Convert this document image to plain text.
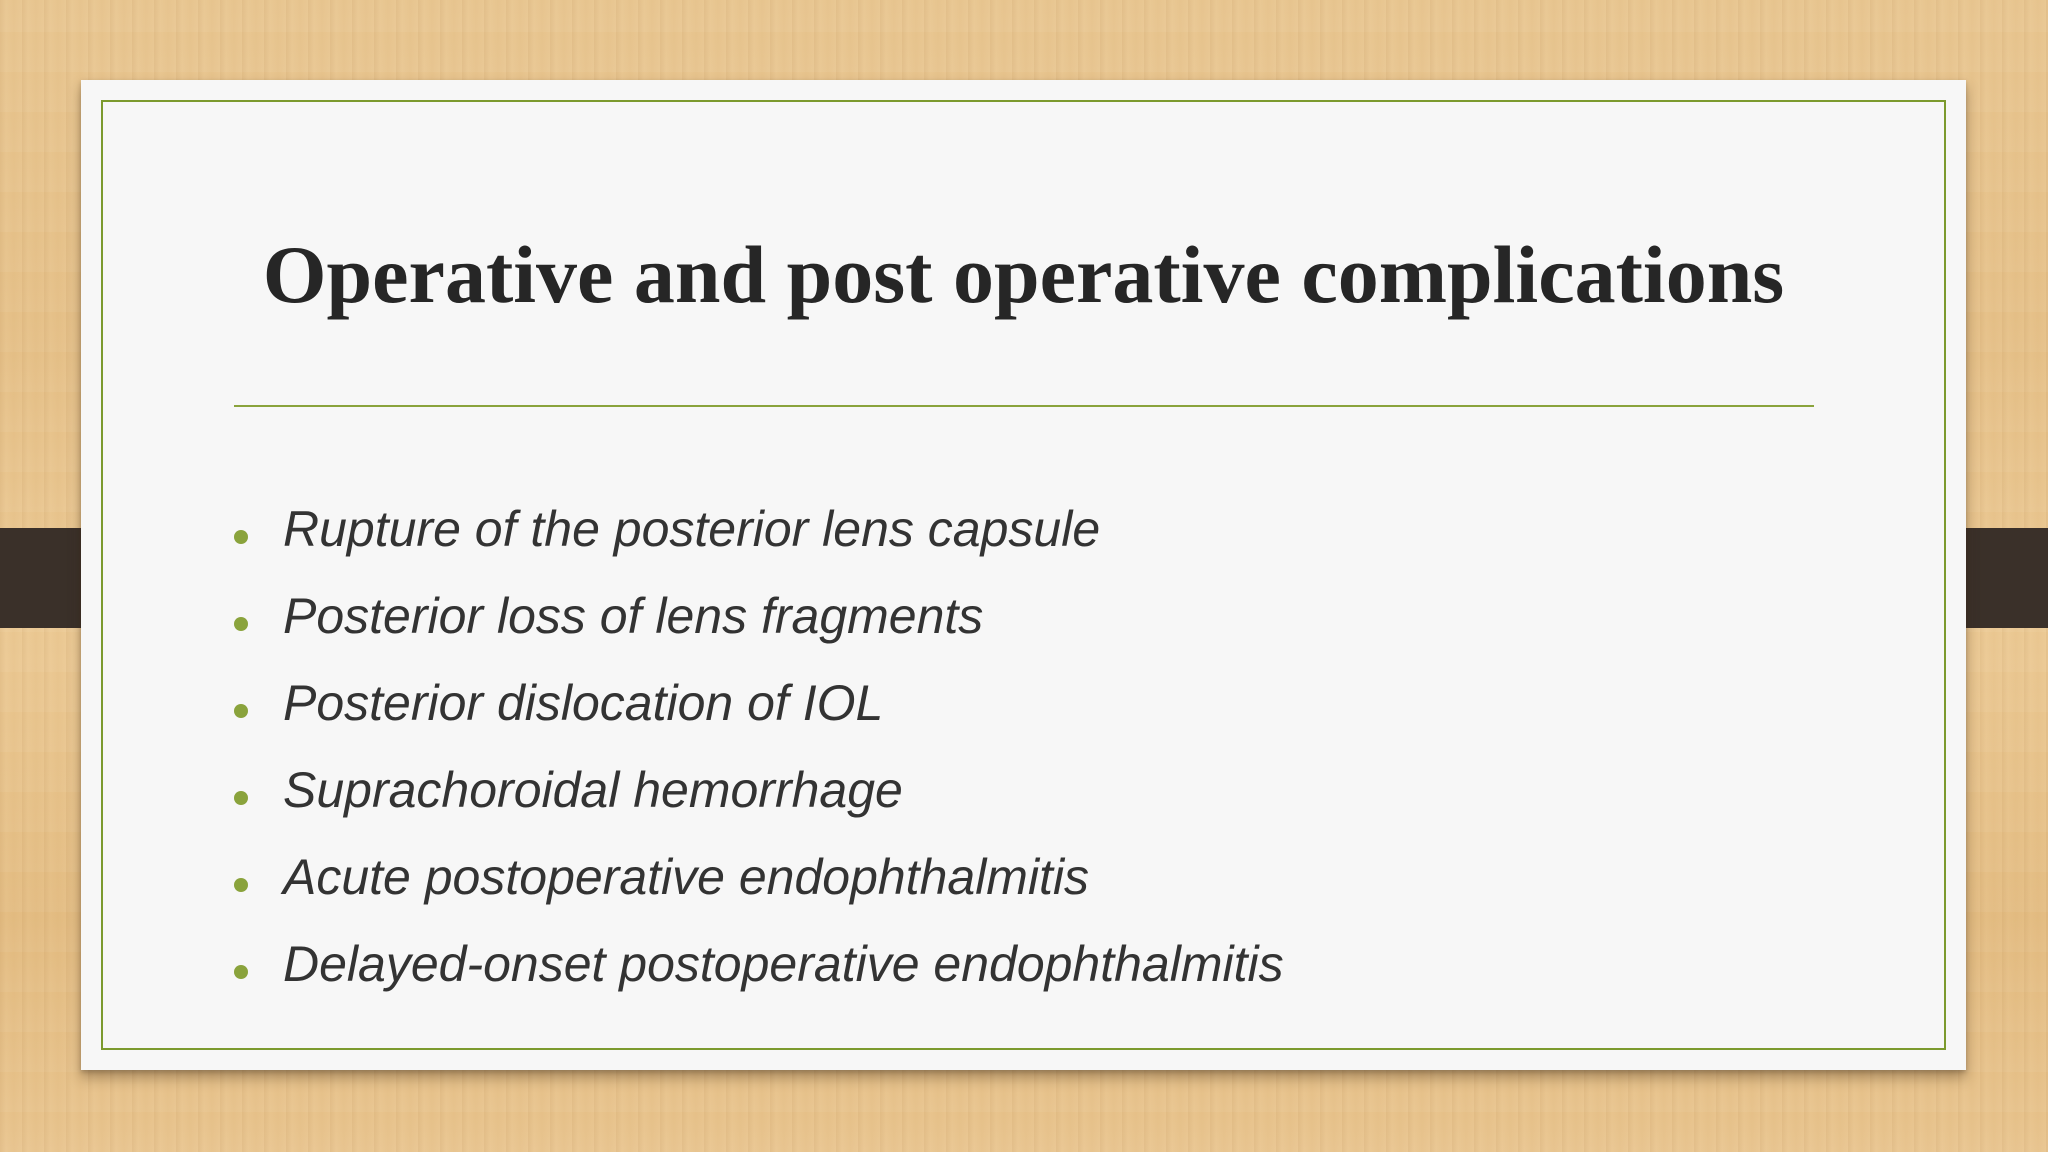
Operative and post operative complications
Rupture of the posterior lens capsule
Posterior loss of lens fragments
Posterior dislocation of IOL
Suprachoroidal hemorrhage
Acute postoperative endophthalmitis
Delayed-onset postoperative endophthalmitis
